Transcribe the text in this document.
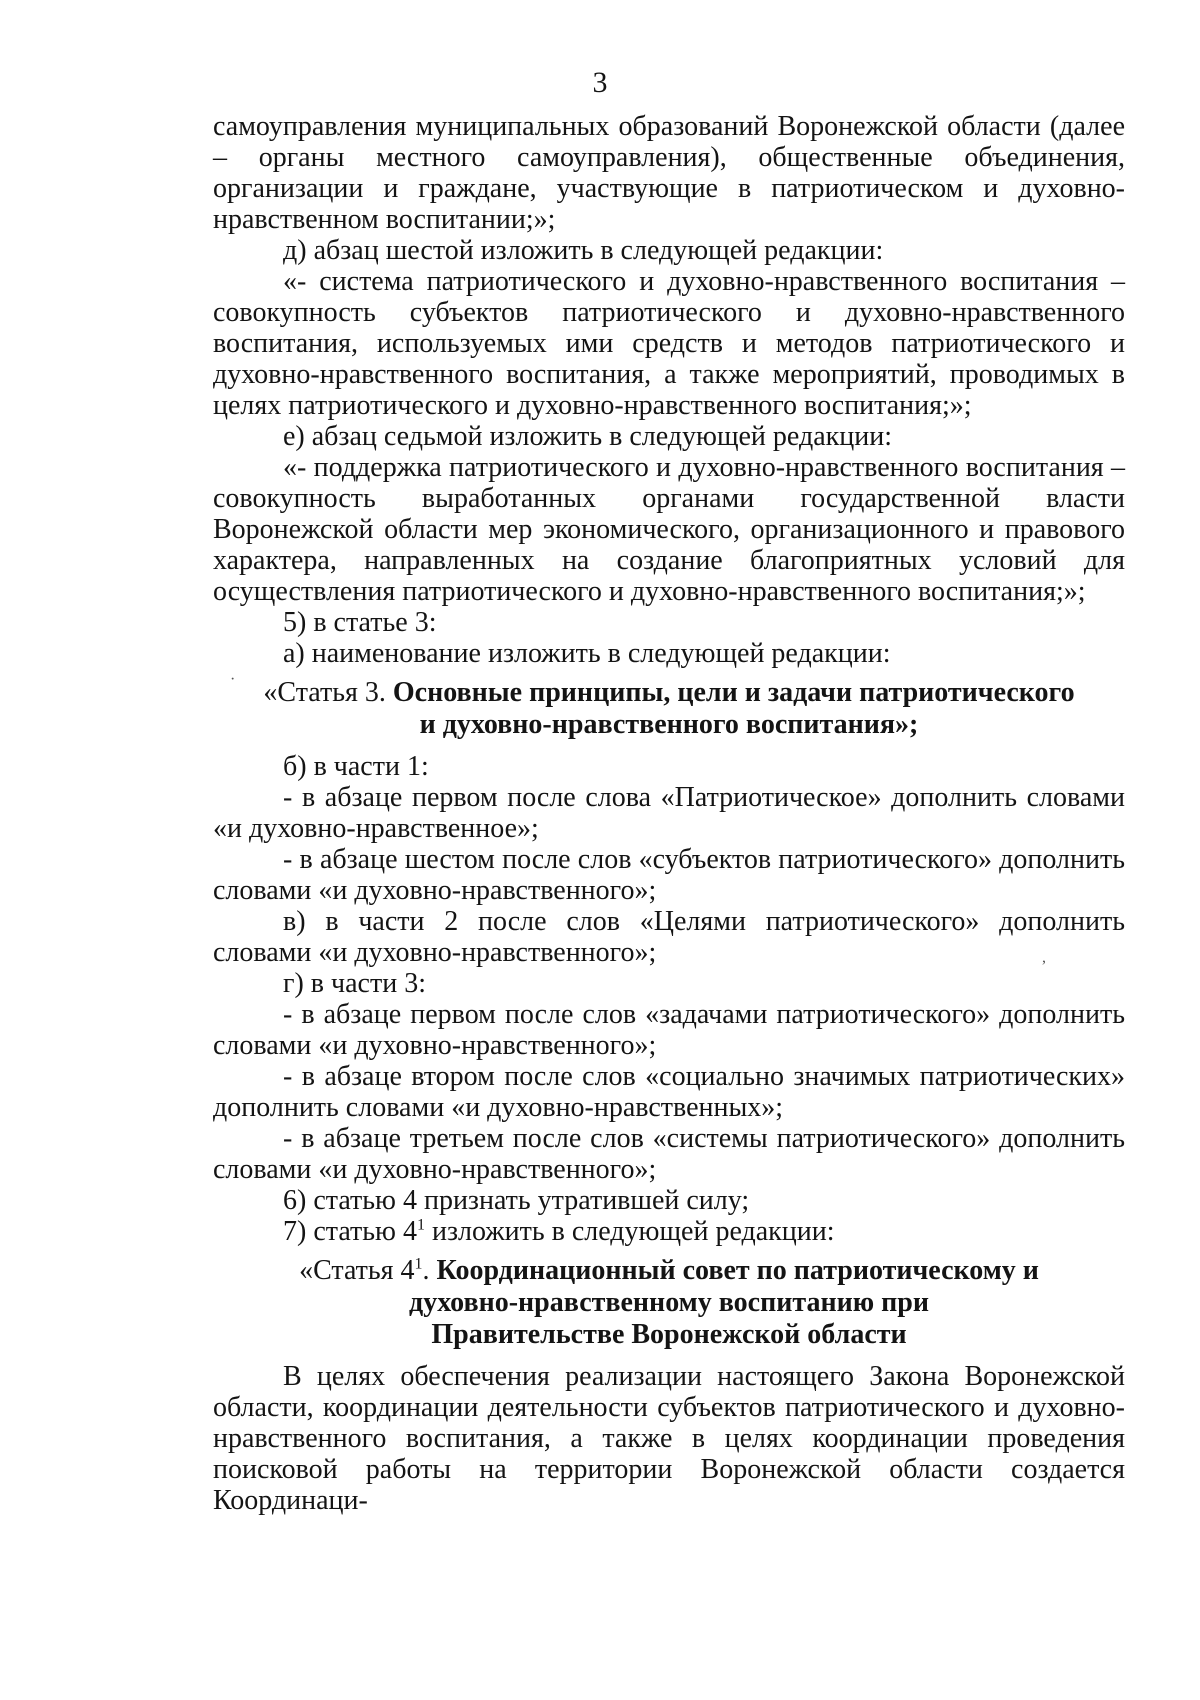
3

самоуправления муниципальных образований Воронежской области (далее – органы местного самоуправления), общественные объединения, организации и граждане, участвующие в патриотическом и духовно-нравственном воспитании;»;

д) абзац шестой изложить в следующей редакции:

«- система патриотического и духовно-нравственного воспитания – совокупность субъектов патриотического и духовно-нравственного воспитания, используемых ими средств и методов патриотического и духовно-нравственного воспитания, а также мероприятий, проводимых в целях патриотического и духовно-нравственного воспитания;»;

е) абзац седьмой изложить в следующей редакции:

«- поддержка патриотического и духовно-нравственного воспитания – совокупность выработанных органами государственной власти Воронежской области мер экономического, организационного и правового характера, направленных на создание благоприятных условий для осуществления патриотического и духовно-нравственного воспитания;»;

5) в статье 3:

а) наименование изложить в следующей редакции:

«Статья 3. Основные принципы, цели и задачи патриотического
и духовно-нравственного воспитания»;

б) в части 1:

- в абзаце первом после слова «Патриотическое» дополнить словами «и духовно-нравственное»;

- в абзаце шестом после слов «субъектов патриотического» дополнить словами «и духовно-нравственного»;

в) в части 2 после слов «Целями патриотического» дополнить словами «и духовно-нравственного»;

г) в части 3:

- в абзаце первом после слов «задачами патриотического» дополнить словами «и духовно-нравственного»;

- в абзаце втором после слов «социально значимых патриотических» дополнить словами «и духовно-нравственных»;

- в абзаце третьем после слов «системы патриотического» дополнить словами «и духовно-нравственного»;

6) статью 4 признать утратившей силу;

7) статью $4^1$ изложить в следующей редакции:

«Статья $4^1$. Координационный совет по патриотическому и
духовно-нравственному воспитанию при
Правительстве Воронежской области

В целях обеспечения реализации настоящего Закона Воронежской области, координации деятельности субъектов патриотического и духовно-нравственного воспитания, а также в целях координации проведения поисковой работы на территории Воронежской области создается Координаци-

·
,
